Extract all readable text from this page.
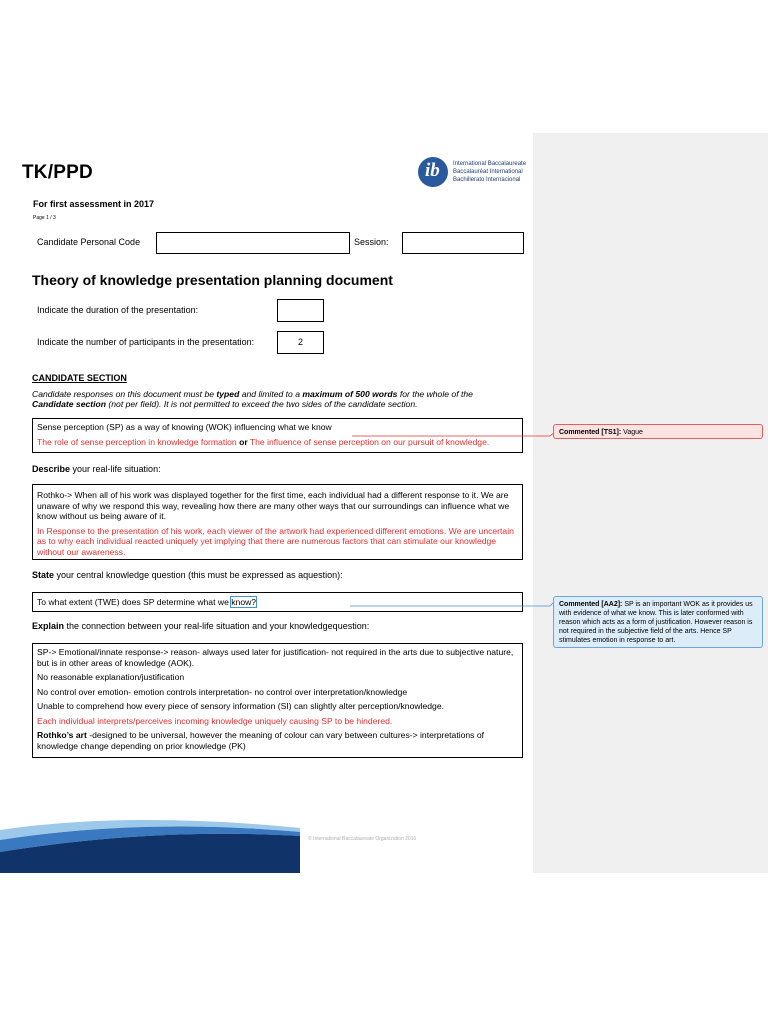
TK/PPD	ib International Baccalaureate
Baccalauréat International
Bachillerato Internacional
For first assessment in 2017
Page 1 / 3
Candidate Personal Code	Session:
Theory of knowledge presentation planning document
Indicate the duration of the presentation:
Indicate the number of participants in the presentation:	2
CANDIDATE SECTION
Candidate responses on this document must be typed and limited to a maximum of 500 words for the whole of the Candidate section (not per field). It is not permitted to exceed the two sides of the candidate section.

Sense perception (SP) as a way of knowing (WOK) influencing what we know

The role of sense perception in knowledge formation or The influence of sense perception on our pursuit of knowledge.

Describe your real-life situation:

Rothko-> When all of his work was displayed together for the first time, each individual had a different response to it. We are unaware of why we respond this way, revealing how there are many other ways that our surroundings can influence what we know without us being aware of it.

In Response to the presentation of his work, each viewer of the artwork had experienced different emotions. We are uncertain as to why each individual reacted uniquely yet implying that there are numerous factors that can stimulate our knowledge without our awareness.

State your central knowledge question (this must be expressed as aquestion):
To what extent (TWE) does SP determine what we know?
Explain the connection between your real-life situation and your knowledgequestion:

SP-> Emotional/innate response-> reason- always used later for justification- not required in the arts due to subjective nature, but is in other areas of knowledge (AOK).

No reasonable explanation/justification

No control over emotion- emotion controls interpretation- no control over interpretation/knowledge

Unable to comprehend how every piece of sensory information (SI) can slightly alter perception/knowledge.

Each individual interprets/perceives incoming knowledge uniquely causing SP to be hindered.

Rothko’s art -designed to be universal, however the meaning of colour can vary between cultures-> interpretations of knowledge change depending on prior knowledge (PK)

Commented [TS1]: Vague
Commented [AA2]: SP is an important WOK as it provides us with evidence of what we know. This is later conformed with reason which acts as a form of justification. However reason is not required in the subjective field of the arts. Hence SP stimulates emotion in response to art.
© International Baccalaureate Organization 2016
